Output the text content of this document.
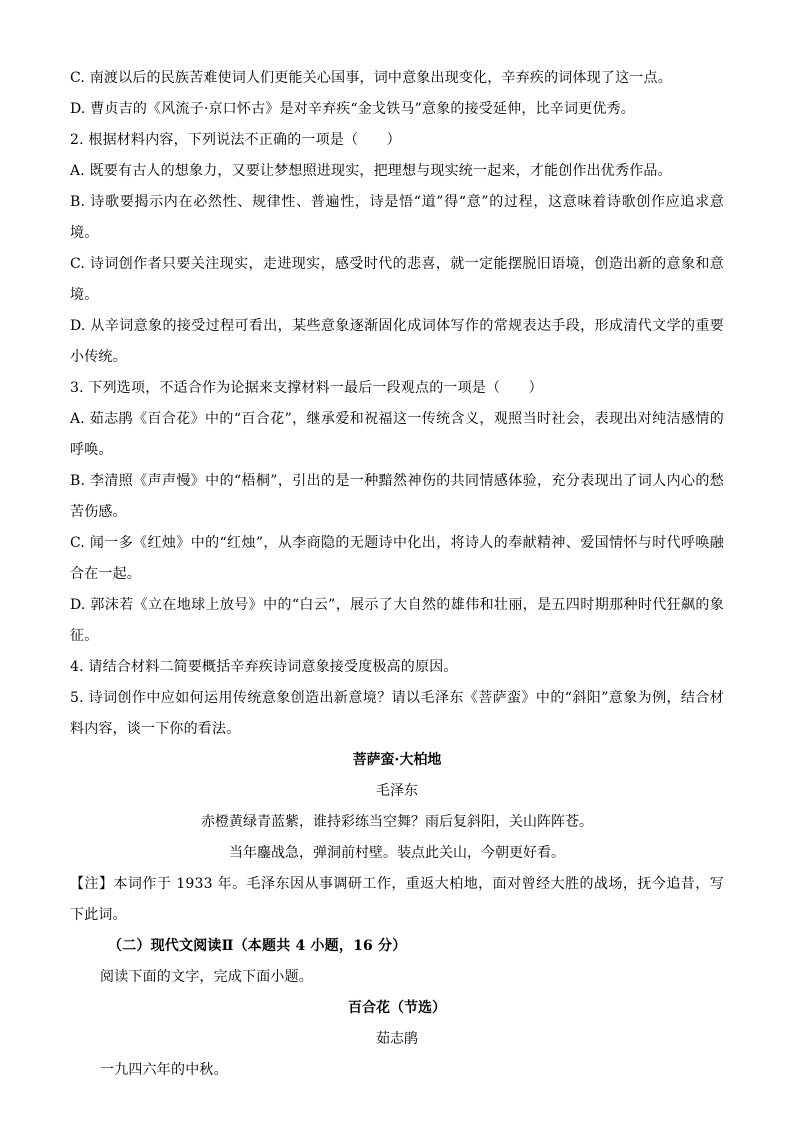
C. 南渡以后的民族苦难使词人们更能关心国事，词中意象出现变化，辛弃疾的词体现了这一点。

D. 曹贞吉的《风流子·京口怀古》是对辛弃疾“金戈铁马”意象的接受延伸，比辛词更优秀。

2. 根据材料内容，下列说法不正确的一项是（　　）

A. 既要有古人的想象力，又要让梦想照进现实，把理想与现实统一起来，才能创作出优秀作品。

B. 诗歌要揭示内在必然性、规律性、普遍性，诗是悟“道”得“意”的过程，这意味着诗歌创作应追求意境。

C. 诗词创作者只要关注现实，走进现实，感受时代的悲喜，就一定能摆脱旧语境，创造出新的意象和意境。

D. 从辛词意象的接受过程可看出，某些意象逐渐固化成词体写作的常规表达手段，形成清代文学的重要小传统。

3. 下列选项，不适合作为论据来支撑材料一最后一段观点的一项是（　　）

A. 茹志鹃《百合花》中的“百合花”，继承爱和祝福这一传统含义，观照当时社会，表现出对纯洁感情的呼唤。

B. 李清照《声声慢》中的“梧桐”，引出的是一种黯然神伤的共同情感体验，充分表现出了词人内心的愁苦伤感。

C. 闻一多《红烛》中的“红烛”，从李商隐的无题诗中化出，将诗人的奉献精神、爱国情怀与时代呼唤融合在一起。

D. 郭沫若《立在地球上放号》中的“白云”，展示了大自然的雄伟和壮丽，是五四时期那种时代狂飙的象征。

4. 请结合材料二简要概括辛弃疾诗词意象接受度极高的原因。

5. 诗词创作中应如何运用传统意象创造出新意境？请以毛泽东《菩萨蛮》中的“斜阳”意象为例，结合材料内容，谈一下你的看法。

菩萨蛮·大柏地

毛泽东

赤橙黄绿青蓝紫，谁持彩练当空舞？雨后复斜阳，关山阵阵苍。

当年鏖战急，弹洞前村壁。装点此关山，今朝更好看。

【注】本词作于 1933 年。毛泽东因从事调研工作，重返大柏地，面对曾经大胜的战场，抚今追昔，写下此词。

（二）现代文阅读Ⅱ（本题共 4 小题，16 分）

阅读下面的文字，完成下面小题。

百合花（节选）

茹志鹃

一九四六年的中秋。
